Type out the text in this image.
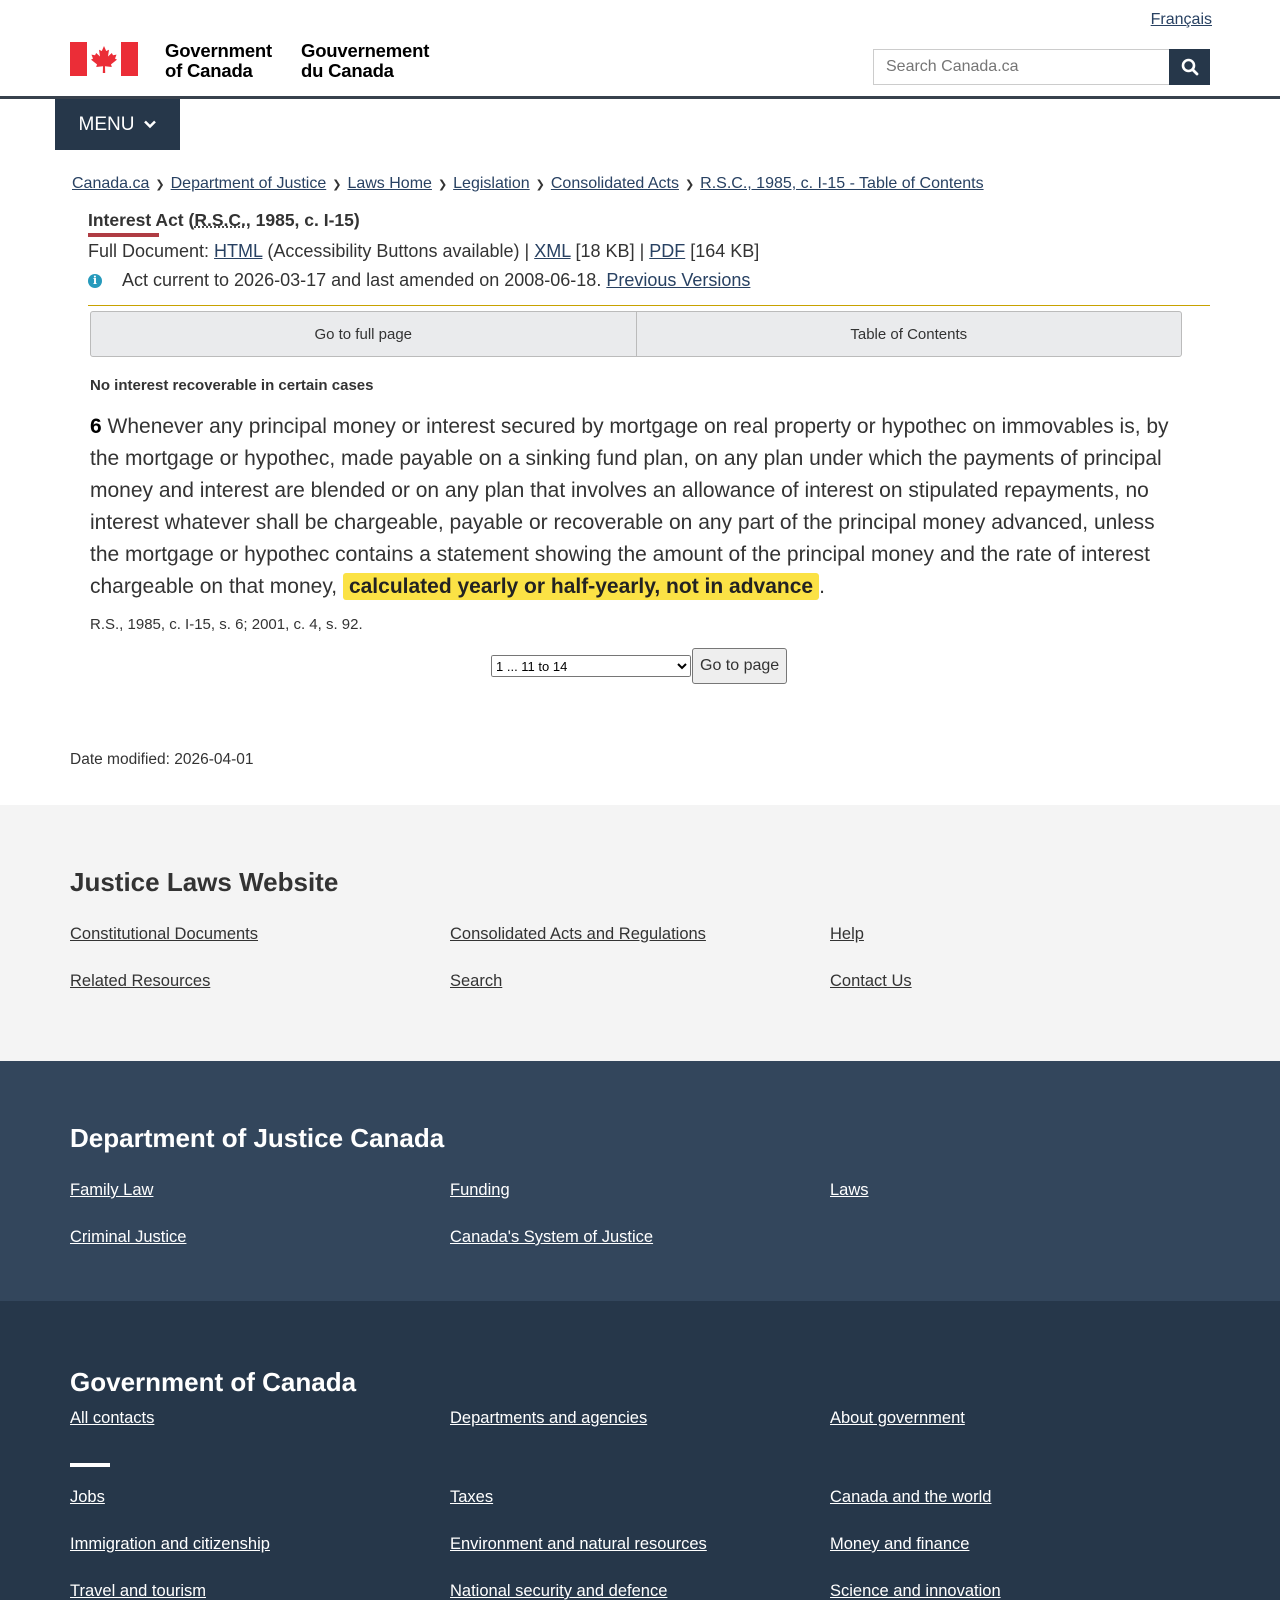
Français
Government
of Canada
Gouvernement
du Canada
Search Canada.ca
MENU
Canada.ca ❯ Department of Justice ❯ Laws Home ❯ Legislation ❯ Consolidated Acts ❯ R.S.C., 1985, c. I-15 - Table of Contents
Interest Act (R.S.C., 1985, c. I-15)
Full Document: HTML (Accessibility Buttons available) | XML [18 KB] | PDF [164 KB]
i Act current to 2026-03-17 and last amended on 2008-06-18.
Previous Versions
Go to full page	Table of Contents
No interest recoverable in certain cases

6 Whenever any principal money or interest secured by mortgage on real property or hypothec on immovables is, by the mortgage or hypothec, made payable on a sinking fund plan, on any plan under which the payments of principal money and interest are blended or on any plan that involves an allowance of interest on stipulated repayments, no interest whatever shall be chargeable, payable or recoverable on any part of the principal money advanced, unless the mortgage or hypothec contains a statement showing the amount of the principal money and the rate of interest chargeable on that money, calculated yearly or half-yearly, not in advance .

R.S., 1985, c. I-15, s. 6; 2001, c. 4, s. 92.
1 ... 11 to 14
Go to page
Date modified: 2026-04-01
Justice Laws Website
Constitutional Documents	Consolidated Acts and Regulations	Help
Related Resources	Search	Contact Us
Department of Justice Canada
Family Law	Funding	Laws
Criminal Justice	Canada's System of Justice
Government of Canada
All contacts	Departments and agencies	About government
Jobs	Taxes	Canada and the world
Immigration and citizenship	Environment and natural resources	Money and finance
Travel and tourism	National security and defence	Science and innovation
